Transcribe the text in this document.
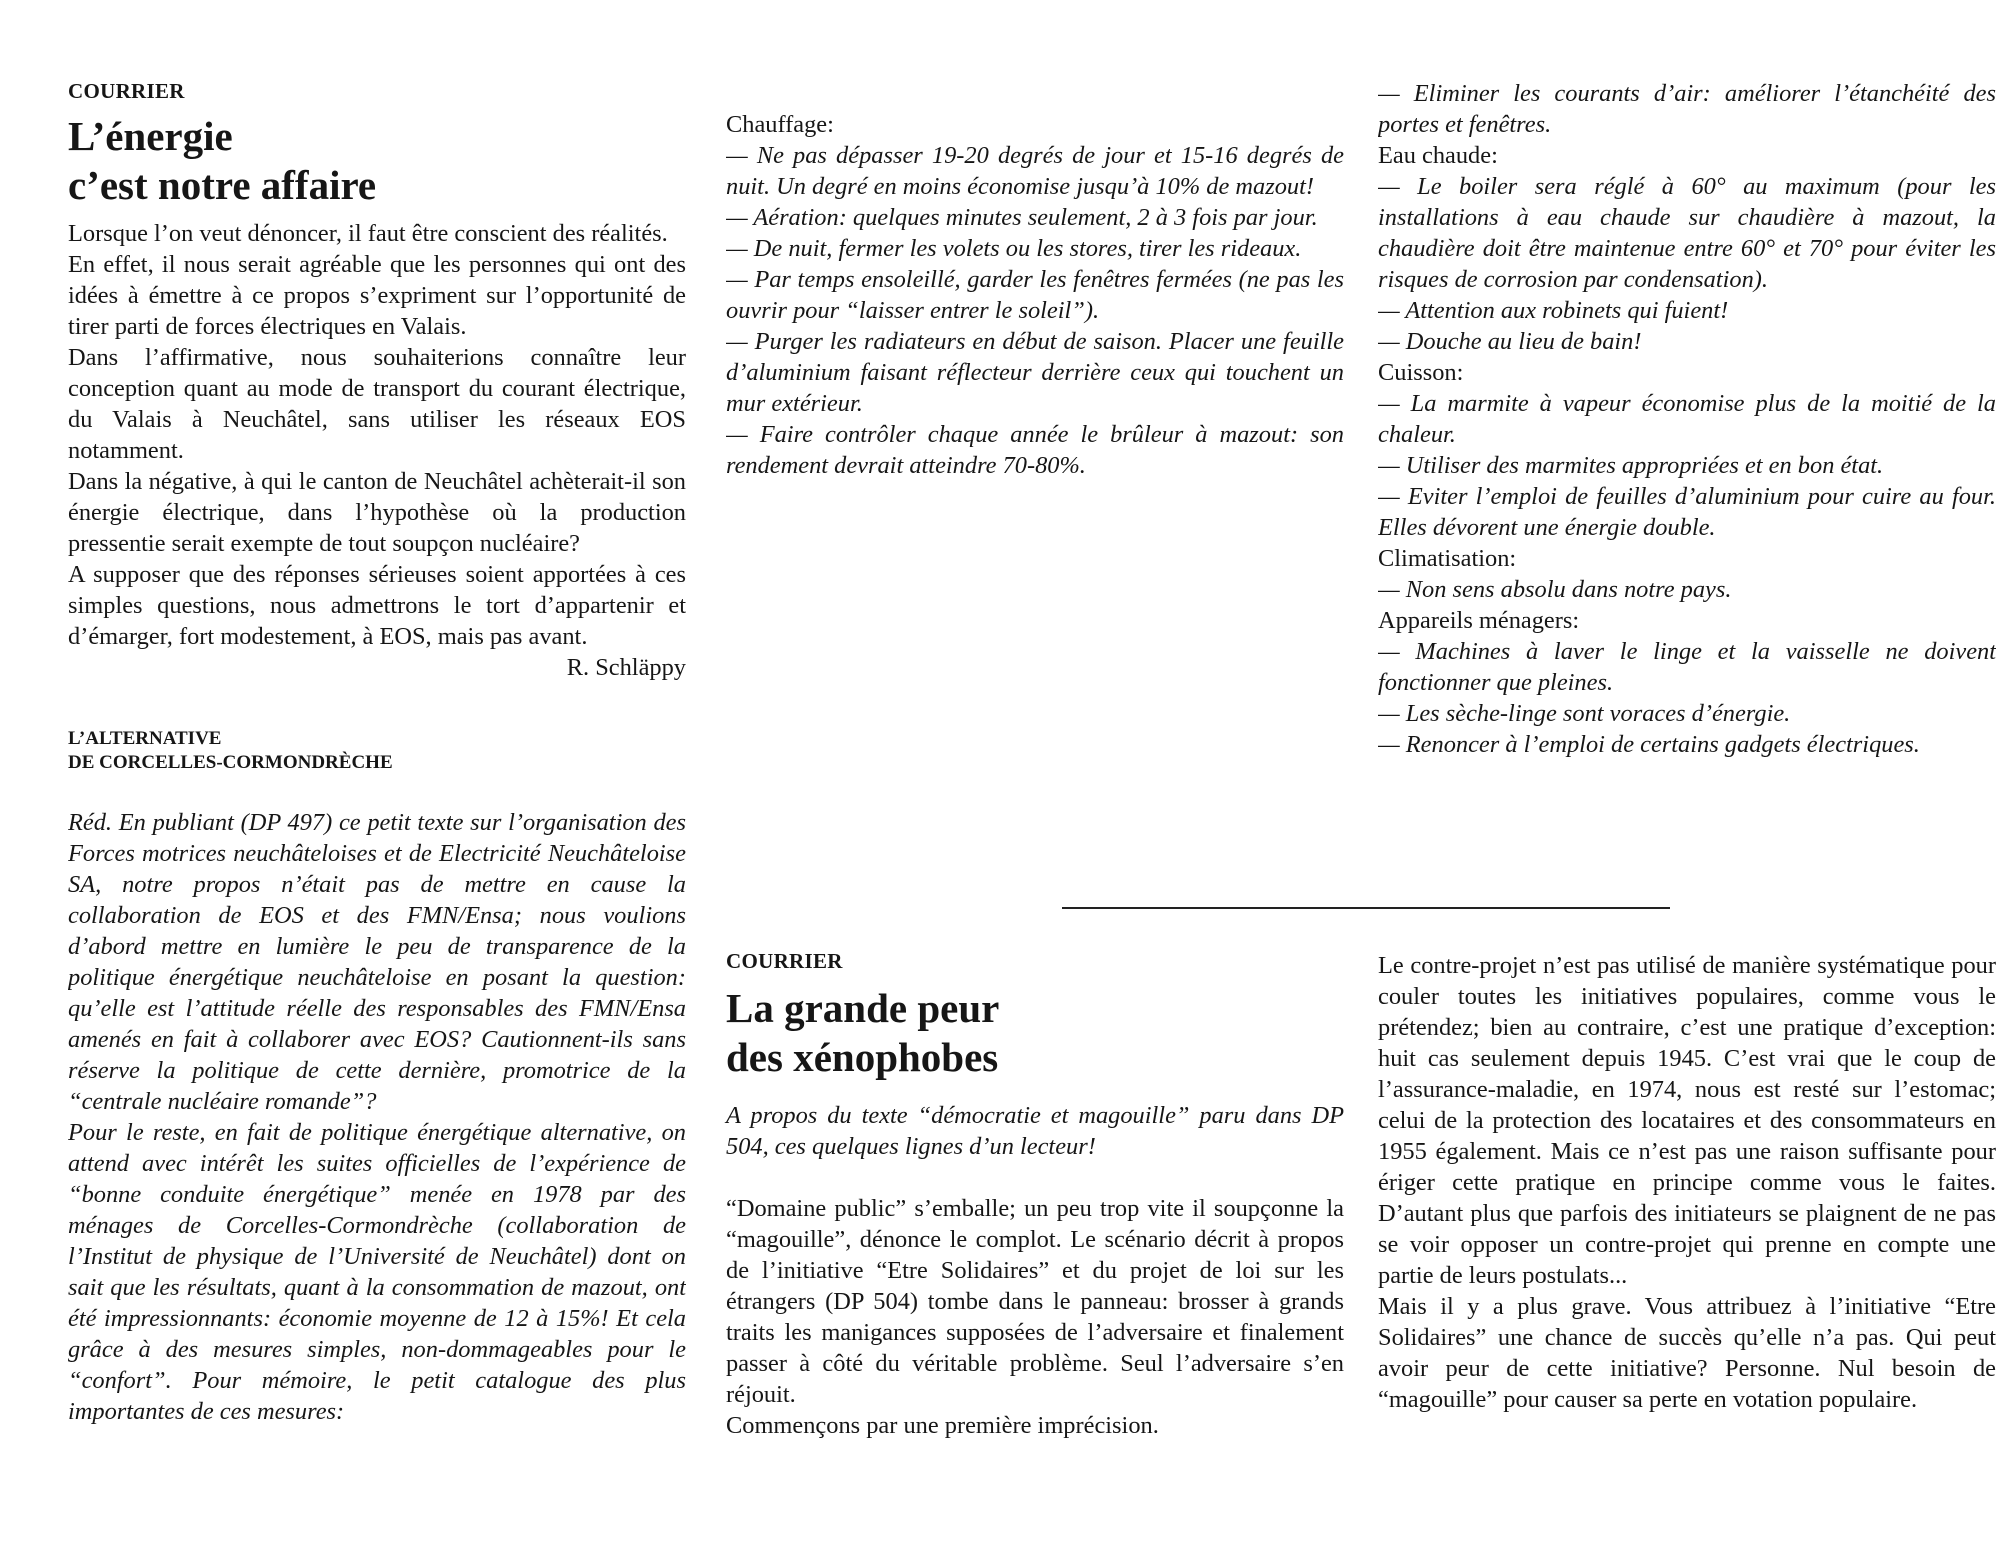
COURRIER
L’énergie
c’est notre affaire

Lorsque l’on veut dénoncer, il faut être conscient des réalités.

En effet, il nous serait agréable que les personnes qui ont des idées à émettre à ce propos s’expriment sur l’opportunité de tirer parti de forces électriques en Valais.

Dans l’affirmative, nous souhaiterions connaître leur conception quant au mode de transport du courant électrique, du Valais à Neuchâtel, sans utiliser les réseaux EOS notamment.

Dans la négative, à qui le canton de Neuchâtel achèterait-il son énergie électrique, dans l’hypothèse où la production pressentie serait exempte de tout soupçon nucléaire?

A supposer que des réponses sérieuses soient apportées à ces simples questions, nous admettrons le tort d’appartenir et d’émarger, fort modestement, à EOS, mais pas avant.

R. Schläppy

L’ALTERNATIVE
DE CORCELLES-CORMONDRÈCHE

Réd. En publiant (DP 497) ce petit texte sur l’organisation des Forces motrices neuchâteloises et de Electricité Neuchâteloise SA, notre propos n’était pas de mettre en cause la collaboration de EOS et des FMN/Ensa; nous voulions d’abord mettre en lumière le peu de transparence de la politique énergétique neuchâteloise en posant la question: qu’elle est l’attitude réelle des responsables des FMN/Ensa amenés en fait à collaborer avec EOS? Cautionnent-ils sans réserve la politique de cette dernière, promotrice de la “centrale nucléaire romande”?

Pour le reste, en fait de politique énergétique alternative, on attend avec intérêt les suites officielles de l’expérience de “bonne conduite énergétique” menée en 1978 par des ménages de Corcelles-Cormondrèche (collaboration de l’Institut de physique de l’Université de Neuchâtel) dont on sait que les résultats, quant à la consommation de mazout, ont été impressionnants: économie moyenne de 12 à 15%! Et cela grâce à des mesures simples, non-dommageables pour le “confort”. Pour mémoire, le petit catalogue des plus importantes de ces mesures:

Chauffage:

— Ne pas dépasser 19-20 degrés de jour et 15-16 degrés de nuit. Un degré en moins économise jusqu’à 10% de mazout!

— Aération: quelques minutes seulement, 2 à 3 fois par jour.

— De nuit, fermer les volets ou les stores, tirer les rideaux.

— Par temps ensoleillé, garder les fenêtres fermées (ne pas les ouvrir pour “laisser entrer le soleil”).

— Purger les radiateurs en début de saison. Placer une feuille d’aluminium faisant réflecteur derrière ceux qui touchent un mur extérieur.

— Faire contrôler chaque année le brûleur à mazout: son rendement devrait atteindre 70-80%.

— Eliminer les courants d’air: améliorer l’étanchéité des portes et fenêtres.

Eau chaude:

— Le boiler sera réglé à 60° au maximum (pour les installations à eau chaude sur chaudière à mazout, la chaudière doit être maintenue entre 60° et 70° pour éviter les risques de corrosion par condensation).

— Attention aux robinets qui fuient!

— Douche au lieu de bain!

Cuisson:

— La marmite à vapeur économise plus de la moitié de la chaleur.

— Utiliser des marmites appropriées et en bon état.

— Eviter l’emploi de feuilles d’aluminium pour cuire au four. Elles dévorent une énergie double.

Climatisation:

— Non sens absolu dans notre pays.

Appareils ménagers:

— Machines à laver le linge et la vaisselle ne doivent fonctionner que pleines.

— Les sèche-linge sont voraces d’énergie.

— Renoncer à l’emploi de certains gadgets électriques.

COURRIER
La grande peur
des xénophobes

A propos du texte “démocratie et magouille” paru dans DP 504, ces quelques lignes d’un lecteur!

“Domaine public” s’emballe; un peu trop vite il soupçonne la “magouille”, dénonce le complot. Le scénario décrit à propos de l’initiative “Etre Solidaires” et du projet de loi sur les étrangers (DP 504) tombe dans le panneau: brosser à grands traits les manigances supposées de l’adversaire et finalement passer à côté du véritable problème. Seul l’adversaire s’en réjouit.

Commençons par une première imprécision.

Le contre-projet n’est pas utilisé de manière systématique pour couler toutes les initiatives populaires, comme vous le prétendez; bien au contraire, c’est une pratique d’exception: huit cas seulement depuis 1945. C’est vrai que le coup de l’assurance-maladie, en 1974, nous est resté sur l’estomac; celui de la protection des locataires et des consommateurs en 1955 également. Mais ce n’est pas une raison suffisante pour ériger cette pratique en principe comme vous le faites. D’autant plus que parfois des initiateurs se plaignent de ne pas se voir opposer un contre-projet qui prenne en compte une partie de leurs postulats...

Mais il y a plus grave. Vous attribuez à l’initiative “Etre Solidaires” une chance de succès qu’elle n’a pas. Qui peut avoir peur de cette initiative? Personne. Nul besoin de “magouille” pour causer sa perte en votation populaire.
